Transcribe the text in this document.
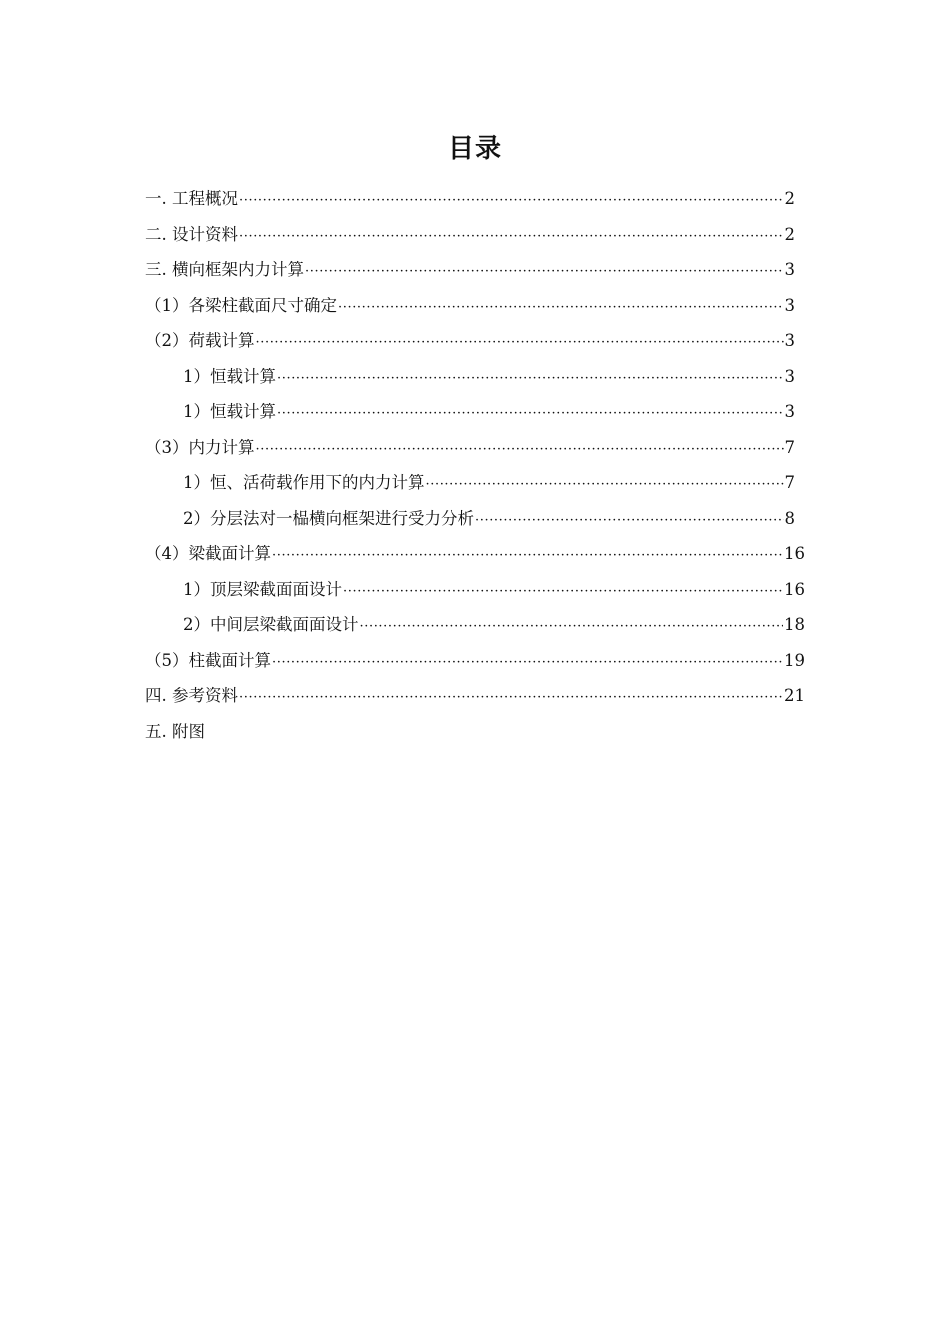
目录
一. 工程概况 ·····	2
二. 设计资料 ·····	2
三. 横向框架内力计算 ·····	3
（1）各梁柱截面尺寸确定 ·····	3
（2）荷载计算 ·····	3
1）恒载计算 ·····	3
1）恒载计算 ·····	3
（3）内力计算 ·····	7
1）恒、活荷载作用下的内力计算 ·····	7
2）分层法对一榀横向框架进行受力分析 ·····	8
（4）梁截面计算 ·····	16
1）顶层梁截面面设计 ·····	16
2）中间层梁截面面设计 ·····	18
（5）柱截面计算 ·····	19
四. 参考资料 ·····	21
五. 附图
